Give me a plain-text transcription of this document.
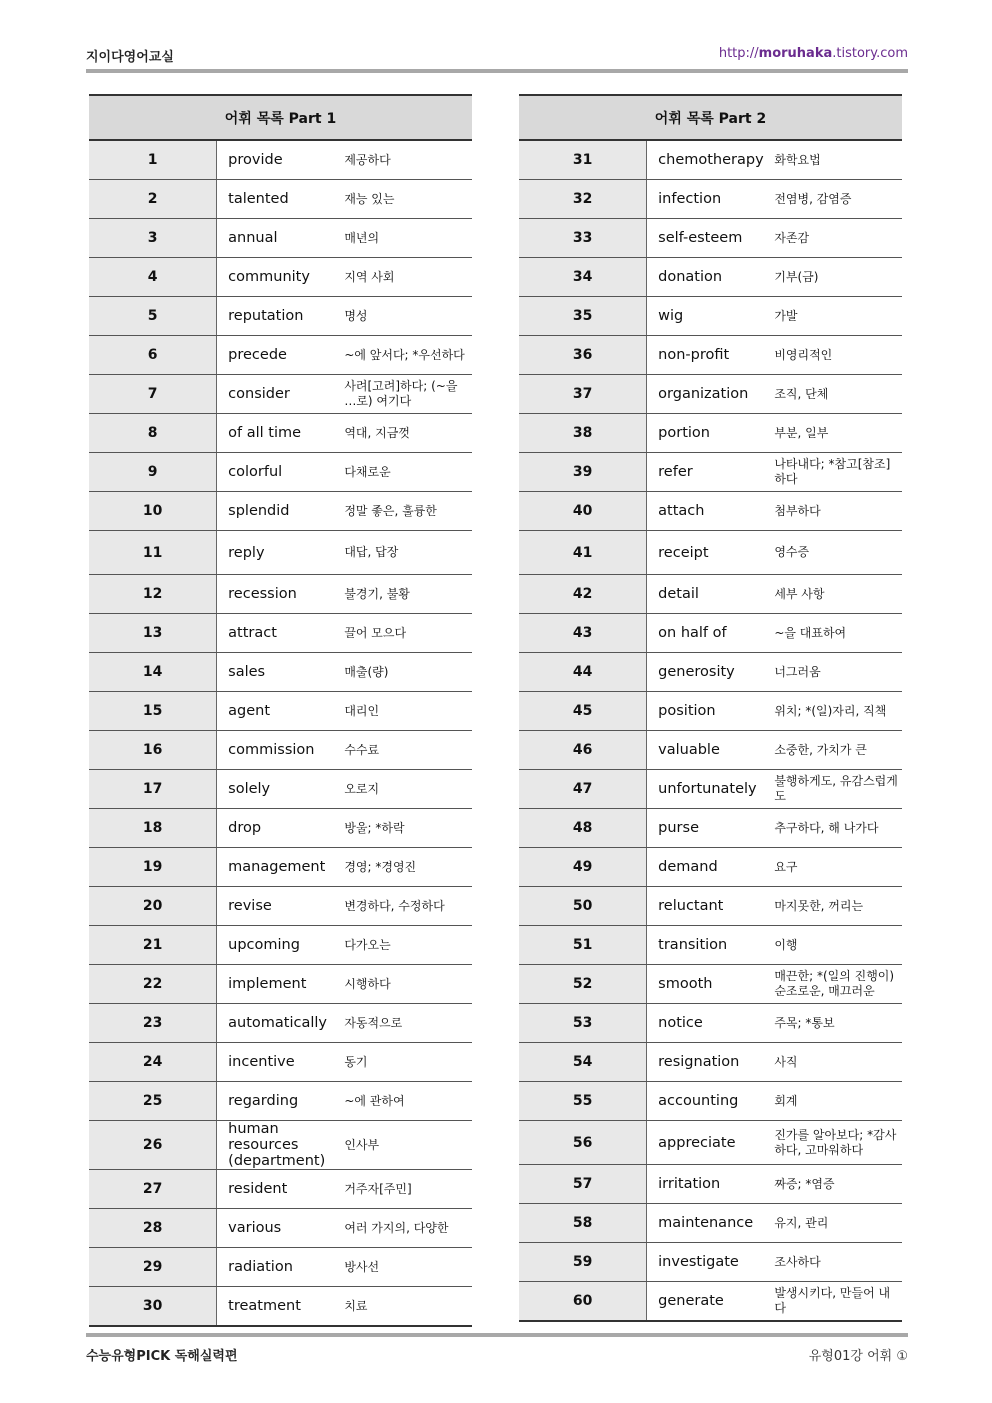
지이다영어교실	http://moruhaka.tistory.com
어휘 목록 Part 1		
1	provide	제공하다
2	talented	재능 있는
3	annual	매년의
4	community	지역 사회
5	reputation	명성
6	precede	~에 앞서다; *우선하다
7	consider	사려[고려]하다; (~을 …로) 여기다
8	of all time	역대, 지금껏
9	colorful	다채로운
10	splendid	정말 좋은, 훌륭한
11	reply	대답, 답장
12	recession	불경기, 불황
13	attract	끌어 모으다
14	sales	매출(량)
15	agent	대리인
16	commission	수수료
17	solely	오로지
18	drop	방울; *하락
19	management	경영; *경영진
20	revise	변경하다, 수정하다
21	upcoming	다가오는
22	implement	시행하다
23	automatically	자동적으로
24	incentive	동기
25	regarding	~에 관하여
26	human resources (department)	인사부
27	resident	거주자[주민]
28	various	여러 가지의, 다양한
29	radiation	방사선
30	treatment	치료
어휘 목록 Part 2		
31	chemotherapy	화학요법
32	infection	전염병, 감염증
33	self-esteem	자존감
34	donation	기부(금)
35	wig	가발
36	non-profit	비영리적인
37	organization	조직, 단체
38	portion	부분, 일부
39	refer	나타내다; *참고[참조] 하다
40	attach	첨부하다
41	receipt	영수증
42	detail	세부 사항
43	on half of	~을 대표하여
44	generosity	너그러움
45	position	위치; *(일)자리, 직책
46	valuable	소중한, 가치가 큰
47	unfortunately	불행하게도, 유감스럽게도
48	purse	추구하다, 해 나가다
49	demand	요구
50	reluctant	마지못한, 꺼리는
51	transition	이행
52	smooth	매끈한; *(일의 진행이) 순조로운, 매끄러운
53	notice	주목; *통보
54	resignation	사직
55	accounting	회계
56	appreciate	진가를 알아보다; *감사하다, 고마워하다
57	irritation	짜증; *염증
58	maintenance	유지, 관리
59	investigate	조사하다
60	generate	발생시키다, 만들어 내다
수능유형PICK 독해실력편	유형01강 어휘 ①
